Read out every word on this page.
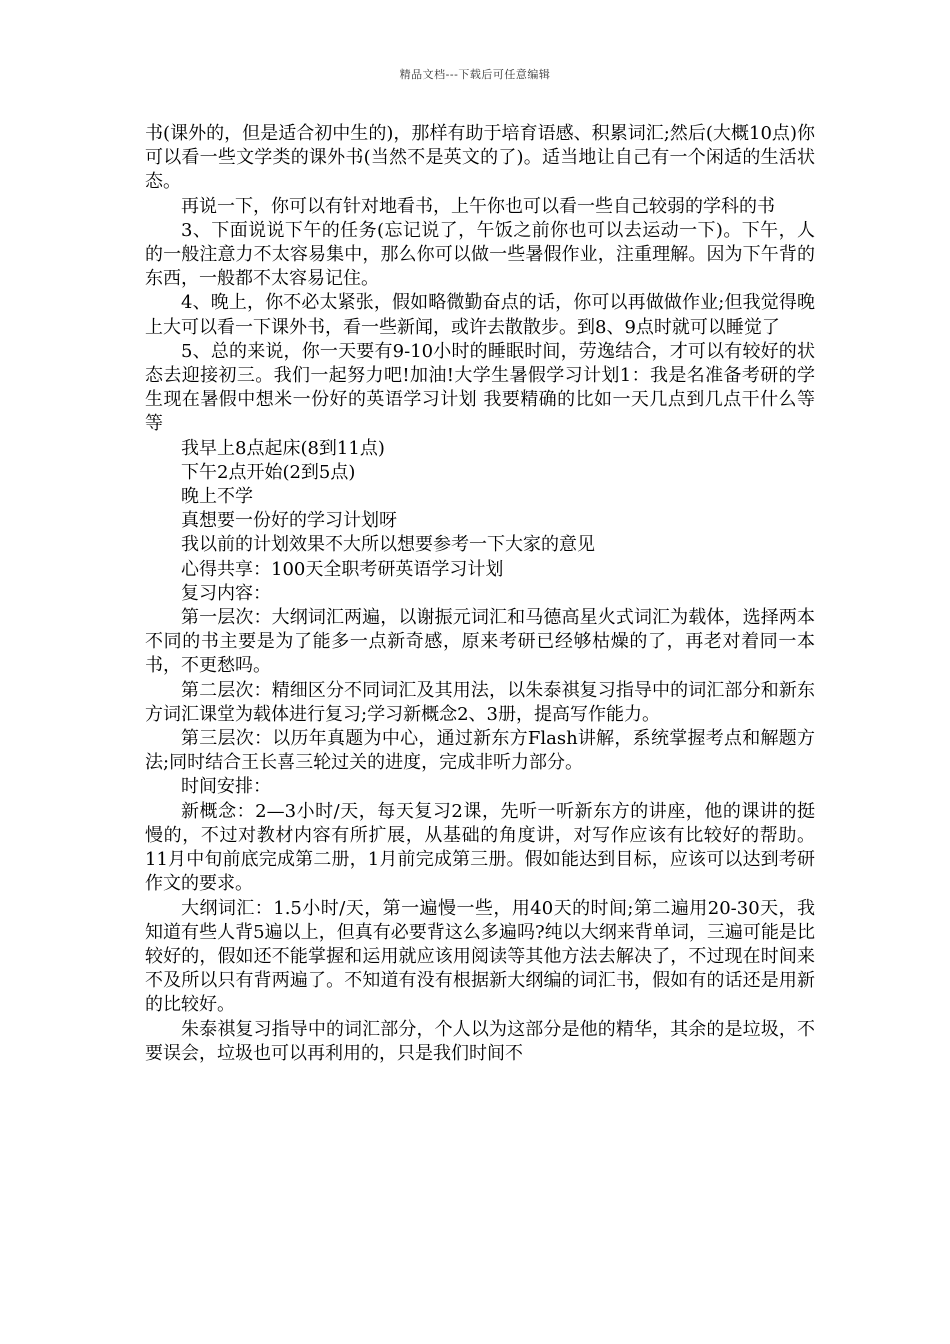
精品文档---下载后可任意编辑

书(课外的，但是适合初中生的)，那样有助于培育语感、积累词汇;然后(大概10点)你可以看一些文学类的课外书(当然不是英文的了)。适当地让自己有一个闲适的生活状态。

再说一下，你可以有针对地看书，上午你也可以看一些自己较弱的学科的书

3、下面说说下午的任务(忘记说了，午饭之前你也可以去运动一下)。下午，人的一般注意力不太容易集中，那么你可以做一些暑假作业，注重理解。因为下午背的东西，一般都不太容易记住。

4、晚上，你不必太紧张，假如略微勤奋点的话，你可以再做做作业;但我觉得晚上大可以看一下课外书，看一些新闻，或许去散散步。到8、9点时就可以睡觉了

5、总的来说，你一天要有9-10小时的睡眠时间，劳逸结合，才可以有较好的状态去迎接初三。我们一起努力吧!加油!大学生暑假学习计划1：我是名准备考研的学生现在暑假中想米一份好的英语学习计划 我要精确的比如一天几点到几点干什么等等

我早上8点起床(8到11点)

下午2点开始(2到5点)

晚上不学

真想要一份好的学习计划呀

我以前的计划效果不大所以想要参考一下大家的意见

心得共享：100天全职考研英语学习计划

复习内容：

第一层次：大纲词汇两遍，以谢振元词汇和马德高星火式词汇为载体，选择两本不同的书主要是为了能多一点新奇感，原来考研已经够枯燥的了，再老对着同一本书，不更愁吗。

第二层次：精细区分不同词汇及其用法，以朱泰祺复习指导中的词汇部分和新东方词汇课堂为载体进行复习;学习新概念2、3册，提高写作能力。

第三层次：以历年真题为中心，通过新东方Flash讲解，系统掌握考点和解题方法;同时结合王长喜三轮过关的进度，完成非听力部分。

时间安排：

新概念：2—3小时/天，每天复习2课，先听一听新东方的讲座，他的课讲的挺慢的，不过对教材内容有所扩展，从基础的角度讲，对写作应该有比较好的帮助。11月中旬前底完成第二册，1月前完成第三册。假如能达到目标，应该可以达到考研作文的要求。

大纲词汇：1.5小时/天，第一遍慢一些，用40天的时间;第二遍用20-30天，我知道有些人背5遍以上，但真有必要背这么多遍吗?纯以大纲来背单词，三遍可能是比较好的，假如还不能掌握和运用就应该用阅读等其他方法去解决了，不过现在时间来不及所以只有背两遍了。不知道有没有根据新大纲编的词汇书，假如有的话还是用新的比较好。

朱泰祺复习指导中的词汇部分，个人以为这部分是他的精华，其余的是垃圾，不要误会，垃圾也可以再利用的，只是我们时间不
